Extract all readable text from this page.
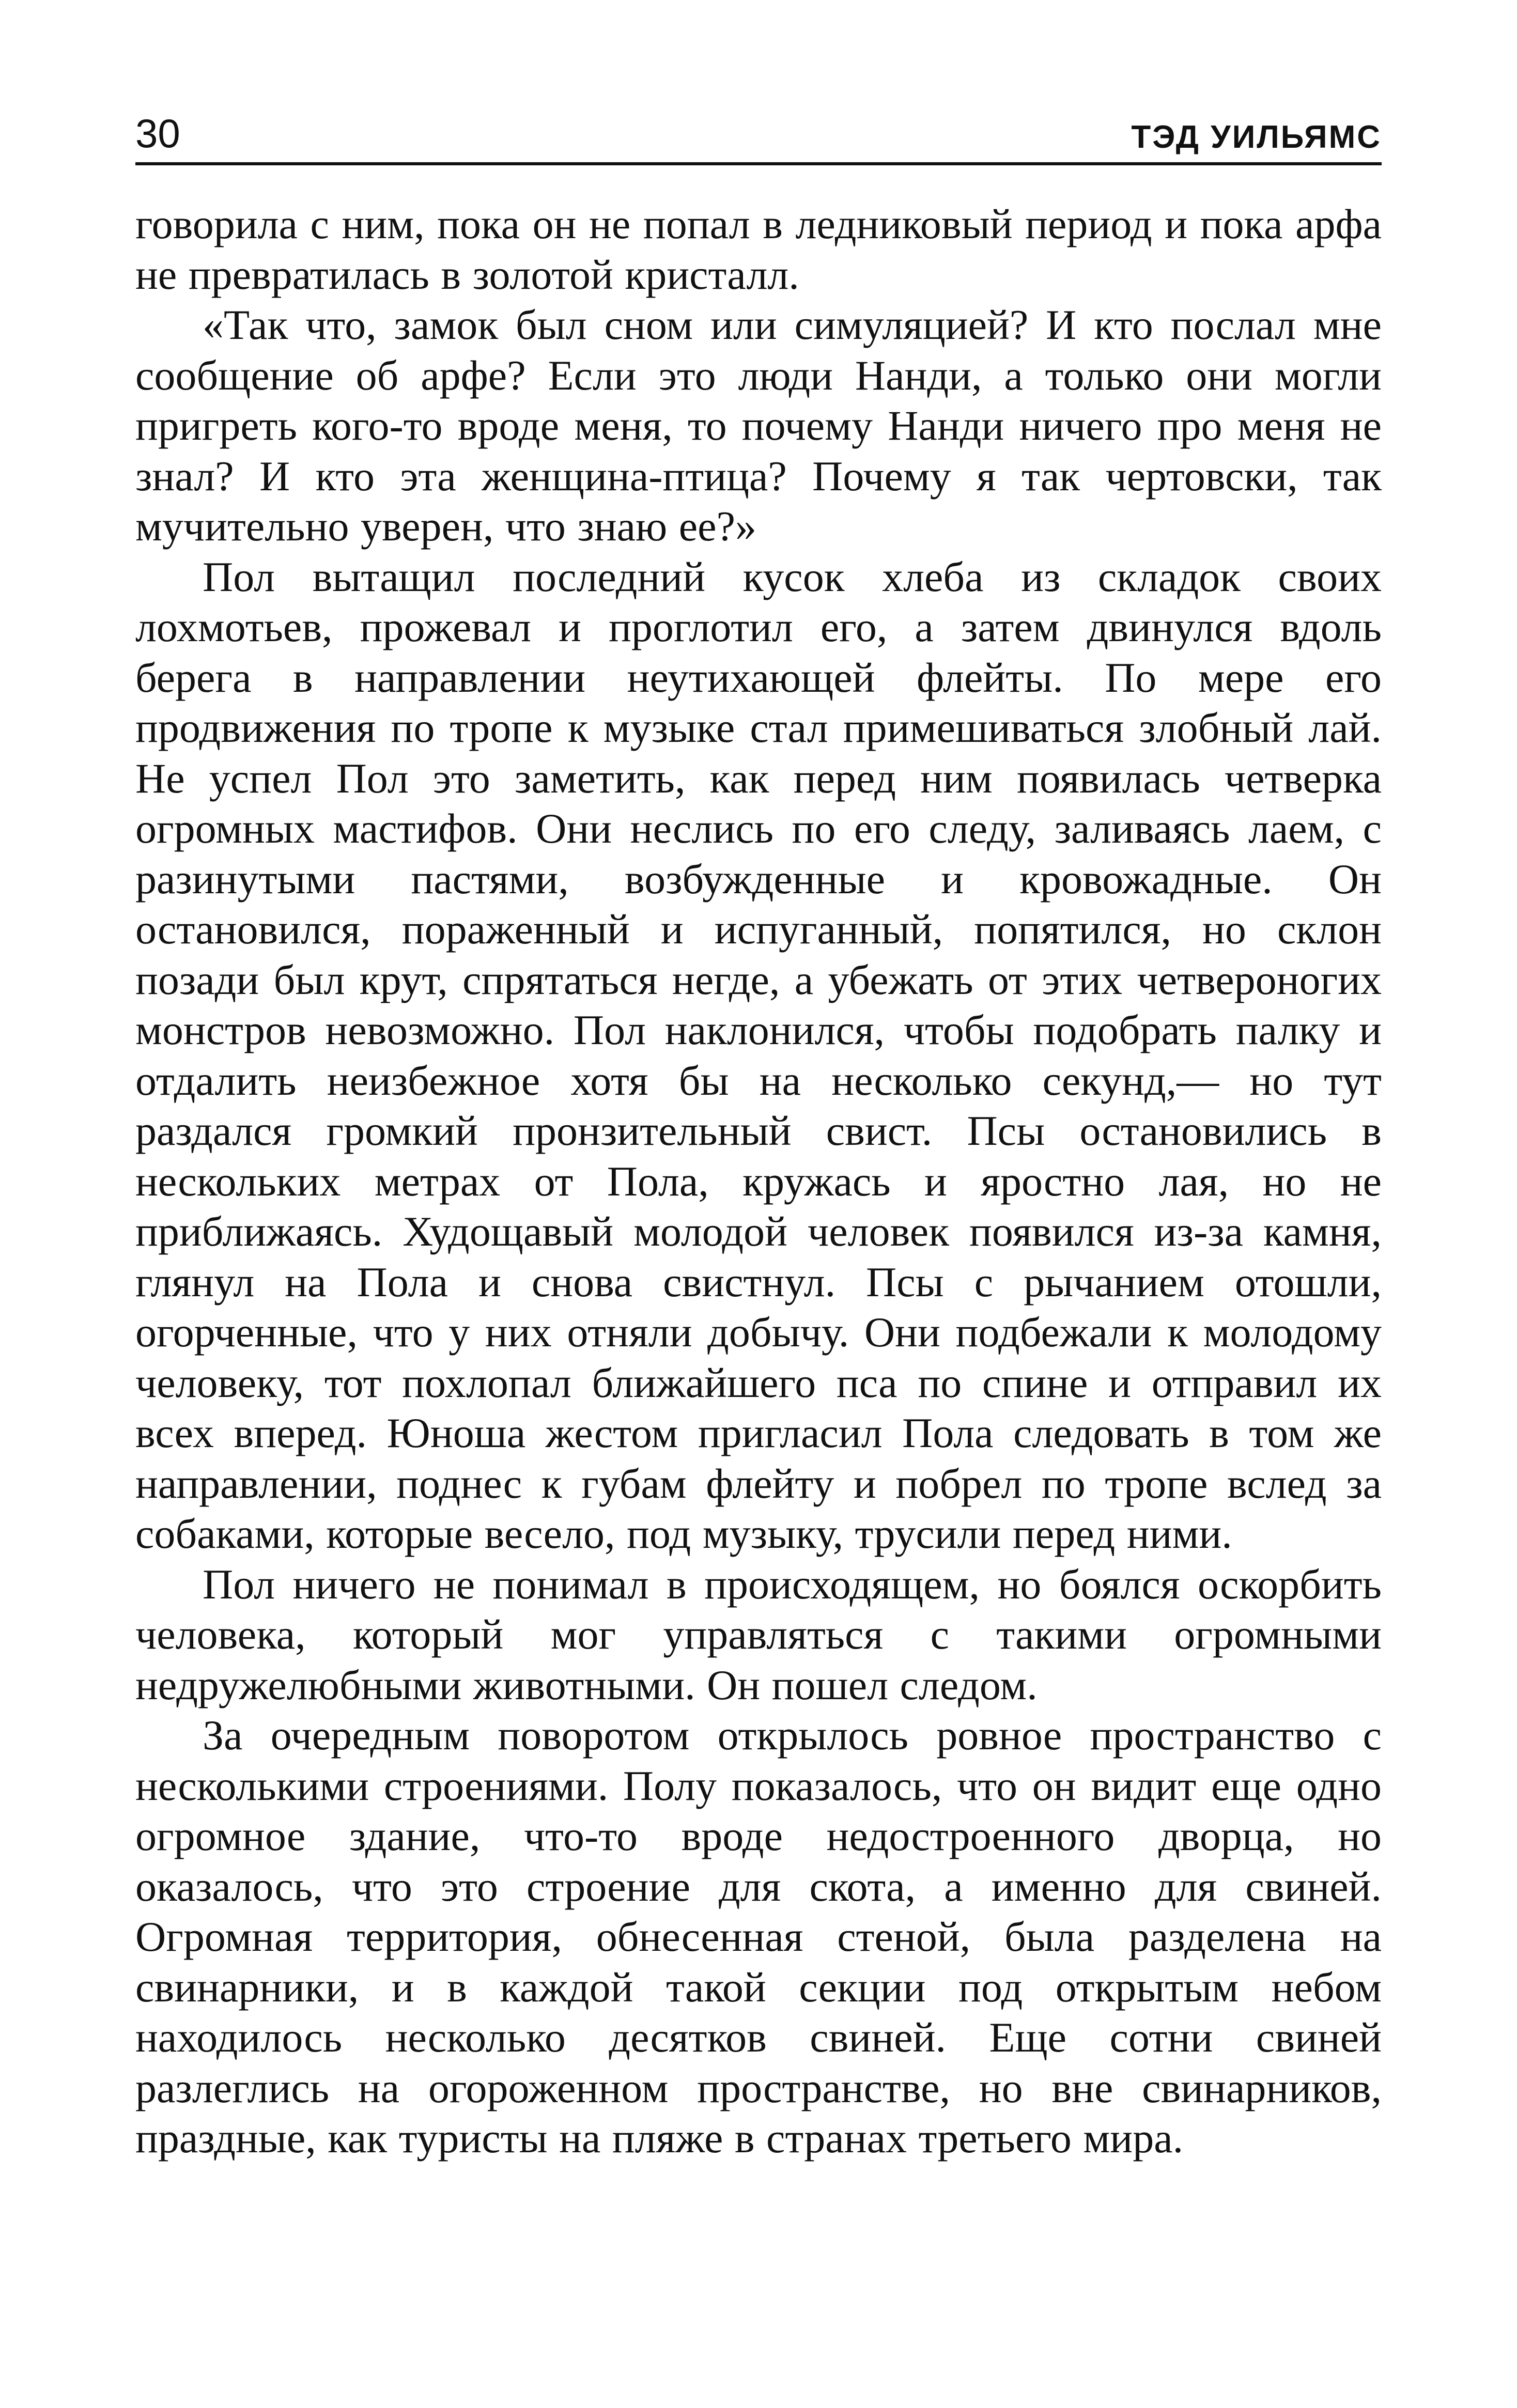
30	ТЭД УИЛЬЯМС

говорила с ним, пока он не попал в ледниковый период и пока арфа не превратилась в золотой кристалл.

«Так что, замок был сном или симуляцией? И кто послал мне сообщение об арфе? Если это люди Нанди, а только они могли пригреть кого-то вроде меня, то почему Нанди ничего про меня не знал? И кто эта женщина-птица? Почему я так чертовски, так мучительно уверен, что знаю ее?»

Пол вытащил последний кусок хлеба из складок своих лохмотьев, прожевал и проглотил его, а затем двинулся вдоль берега в направлении неутихающей флейты. По мере его продвижения по тропе к музыке стал примешиваться злобный лай. Не успел Пол это заметить, как перед ним появилась четверка огромных мастифов. Они неслись по его следу, заливаясь лаем, с разинутыми пастями, возбужденные и кровожадные. Он остановился, пораженный и испуганный, попятился, но склон позади был крут, спрятаться негде, а убежать от этих четвероногих монстров невозможно. Пол наклонился, чтобы подобрать палку и отдалить неизбежное хотя бы на несколько секунд,— но тут раздался громкий пронзительный свист. Псы остановились в нескольких метрах от Пола, кружась и яростно лая, но не приближаясь. Худощавый молодой человек появился из-за камня, глянул на Пола и снова свистнул. Псы с рычанием отошли, огорченные, что у них отняли добычу. Они подбежали к молодому человеку, тот похлопал ближайшего пса по спине и отправил их всех вперед. Юноша жестом пригласил Пола следовать в том же направлении, поднес к губам флейту и побрел по тропе вслед за собаками, которые весело, под музыку, трусили перед ними.

Пол ничего не понимал в происходящем, но боялся оскорбить человека, который мог управляться с такими огромными недружелюбными животными. Он пошел следом.

За очередным поворотом открылось ровное пространство с несколькими строениями. Полу показалось, что он видит еще одно огромное здание, что-то вроде недостроенного дворца, но оказалось, что это строение для скота, а именно для свиней. Огромная территория, обнесенная стеной, была разделена на свинарники, и в каждой такой секции под открытым небом находилось несколько десятков свиней. Еще сотни свиней разлеглись на огороженном пространстве, но вне свинарников, праздные, как туристы на пляже в странах третьего мира.
